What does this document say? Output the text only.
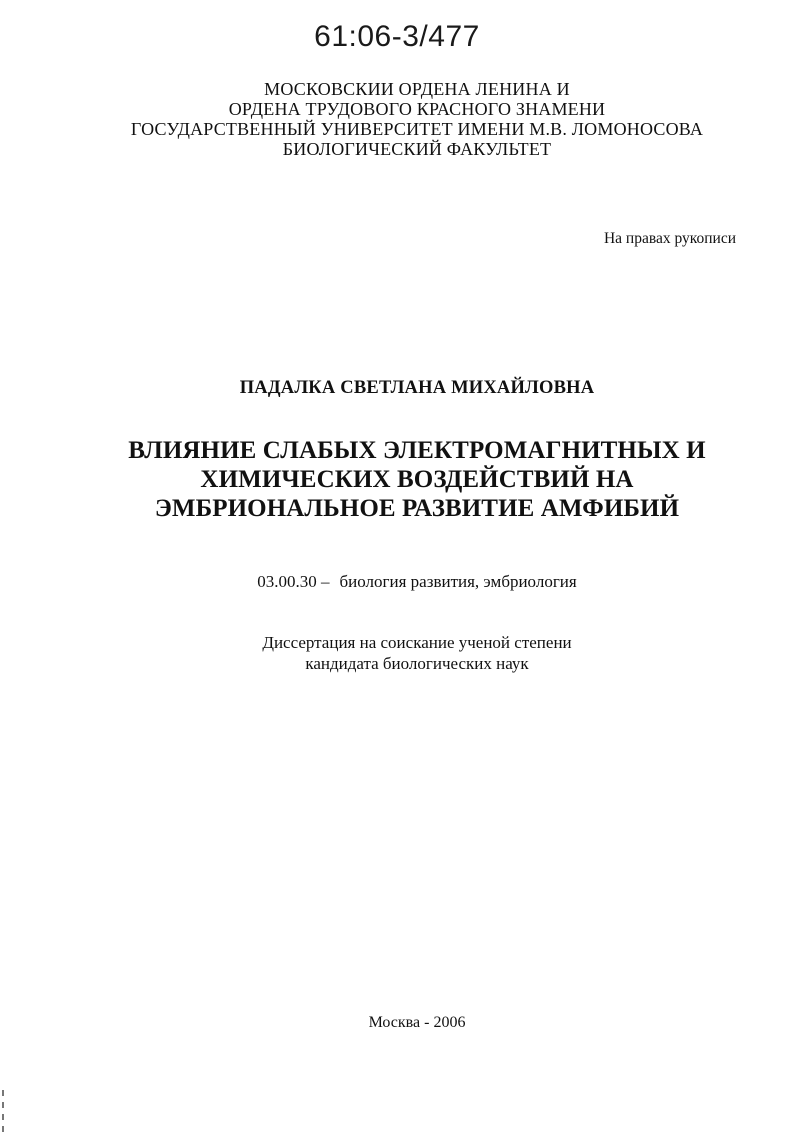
61:06-3/477
МОСКОВСКИИ ОРДЕНА ЛЕНИНА И
ОРДЕНА ТРУДОВОГО КРАСНОГО ЗНАМЕНИ
ГОСУДАРСТВЕННЫЙ УНИВЕРСИТЕТ ИМЕНИ М.В. ЛОМОНОСОВА
БИОЛОГИЧЕСКИЙ ФАКУЛЬТЕТ
На правах рукописи
ПАДАЛКА СВЕТЛАНА МИХАЙЛОВНА
ВЛИЯНИЕ СЛАБЫХ ЭЛЕКТРОМАГНИТНЫХ И
ХИМИЧЕСКИХ ВОЗДЕЙСТВИЙ НА
ЭМБРИОНАЛЬНОЕ РАЗВИТИЕ АМФИБИЙ
03.00.30 – биология развития, эмбриология
Диссертация на соискание ученой степени
кандидата биологических наук
Москва - 2006
